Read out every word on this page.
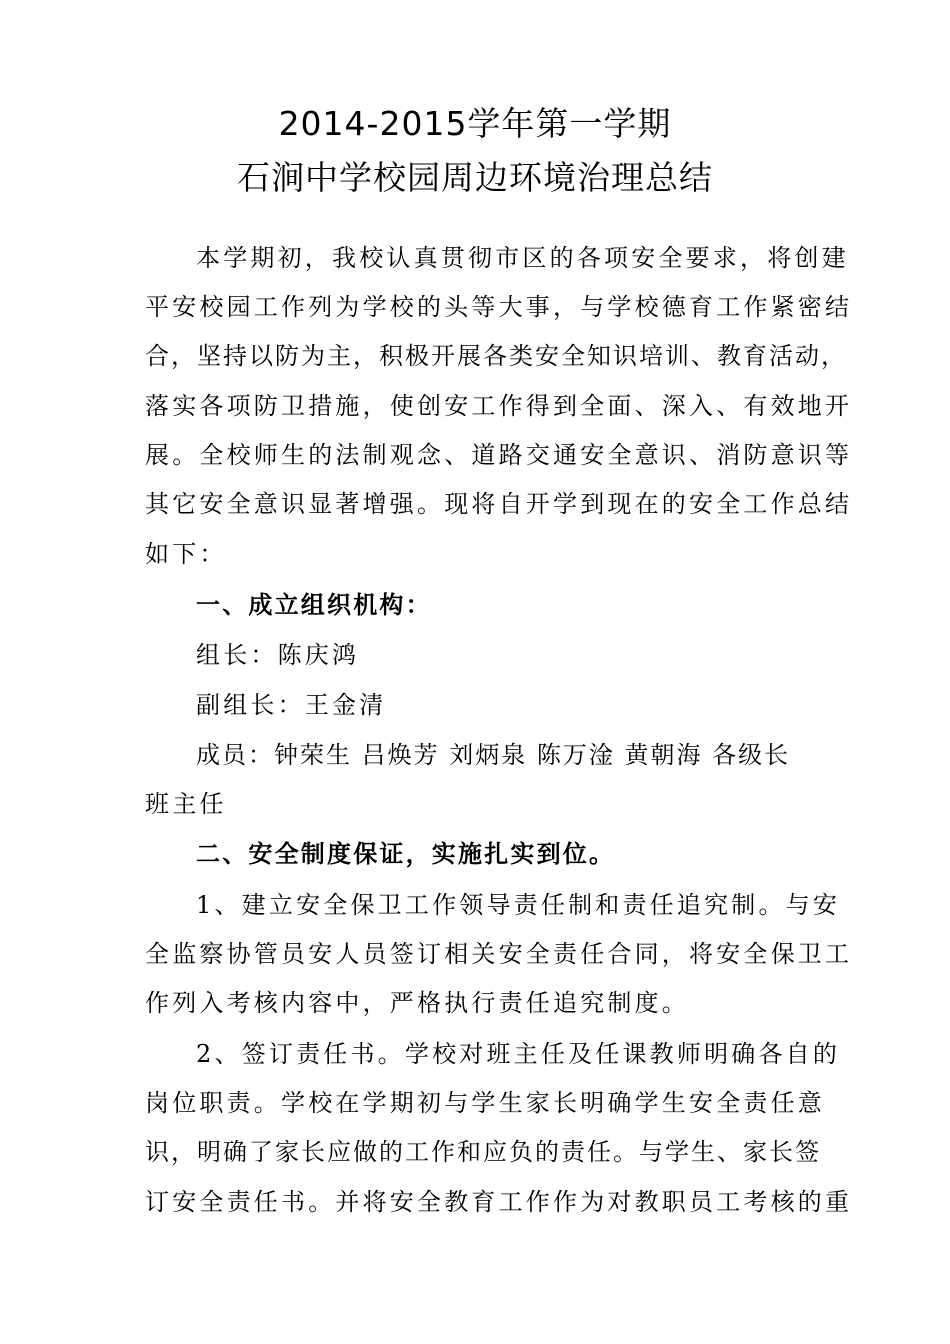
2014-2015学年第一学期
石涧中学校园周边环境治理总结
本学期初，我校认真贯彻市区的各项安全要求，将创建
平安校园工作列为学校的头等大事，与学校德育工作紧密结
合，坚持以防为主，积极开展各类安全知识培训、教育活动，
落实各项防卫措施，使创安工作得到全面、深入、有效地开
展。全校师生的法制观念、道路交通安全意识、消防意识等
其它安全意识显著增强。现将自开学到现在的安全工作总结
如下：
一、成立组织机构：
组长：陈庆鸿
副组长：王金清
成员：钟荣生 吕焕芳 刘炳泉 陈万淦 黄朝海 各级长
班主任
二、安全制度保证，实施扎实到位。
1、建立安全保卫工作领导责任制和责任追究制。与安
全监察协管员安人员签订相关安全责任合同，将安全保卫工
作列入考核内容中，严格执行责任追究制度。
2、签订责任书。学校对班主任及任课教师明确各自的
岗位职责。学校在学期初与学生家长明确学生安全责任意
识，明确了家长应做的工作和应负的责任。与学生、家长签
订安全责任书。并将安全教育工作作为对教职员工考核的重
